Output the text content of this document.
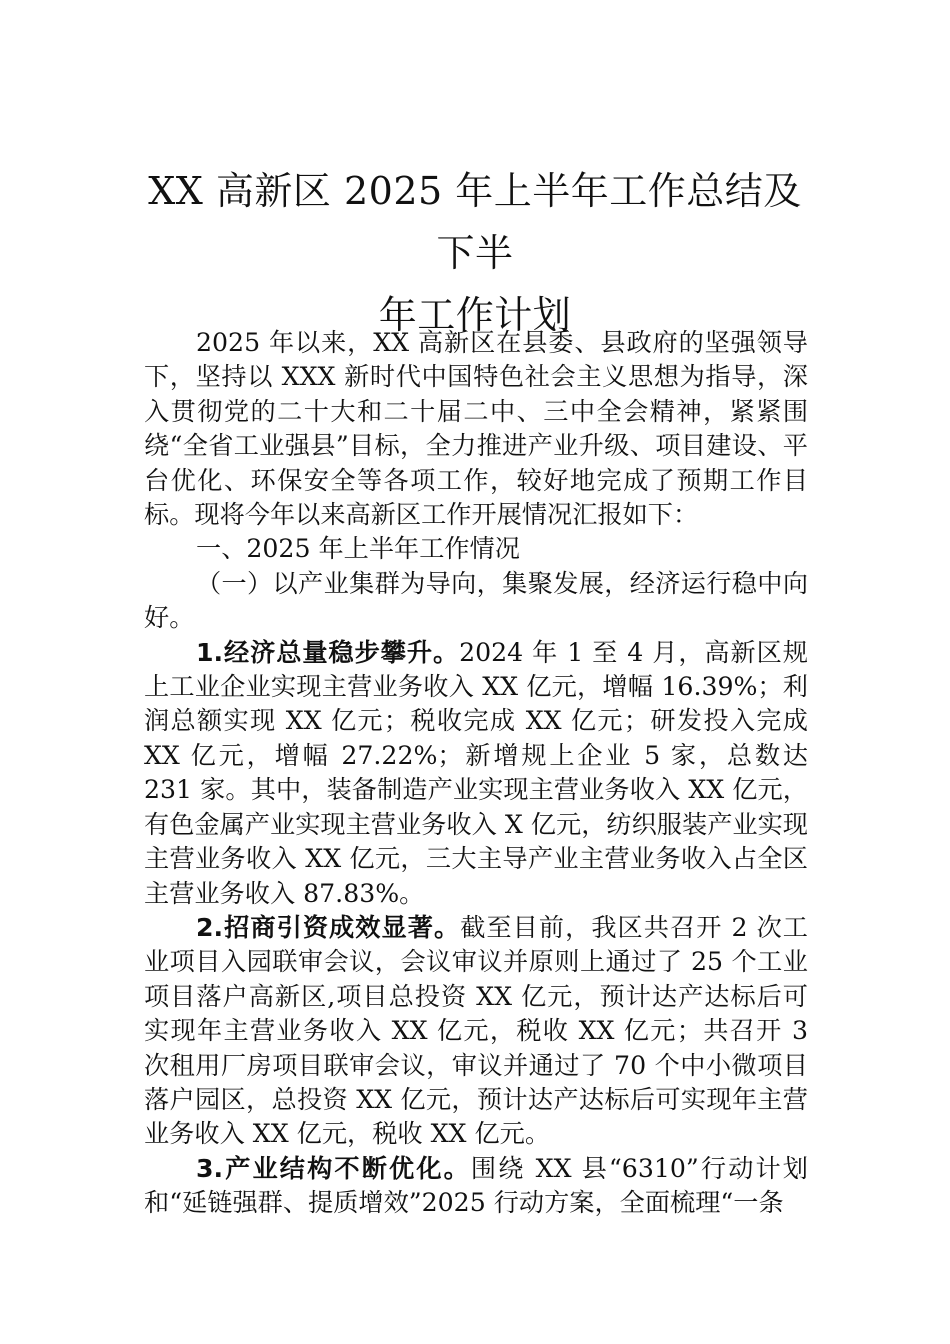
XX 高新区 2025 年上半年工作总结及下半
年工作计划

2025 年以来，XX 高新区在县委、县政府的坚强领导下，坚持以 XXX 新时代中国特色社会主义思想为指导，深入贯彻党的二十大和二十届二中、三中全会精神，紧紧围绕“全省工业强县”目标，全力推进产业升级、项目建设、平台优化、环保安全等各项工作，较好地完成了预期工作目标。现将今年以来高新区工作开展情况汇报如下：

一、2025 年上半年工作情况

（一）以产业集群为导向，集聚发展，经济运行稳中向好。

1.经济总量稳步攀升。2024 年 1 至 4 月，高新区规上工业企业实现主营业务收入 XX 亿元，增幅 16.39%；利润总额实现 XX 亿元；税收完成 XX 亿元；研发投入完成 XX 亿元，增幅 27.22%；新增规上企业 5 家，总数达 231 家。其中，装备制造产业实现主营业务收入 XX 亿元，有色金属产业实现主营业务收入 X 亿元，纺织服装产业实现主营业务收入 XX 亿元，三大主导产业主营业务收入占全区主营业务收入 87.83%。

2.招商引资成效显著。截至目前，我区共召开 2 次工业项目入园联审会议，会议审议并原则上通过了 25 个工业项目落户高新区,项目总投资 XX 亿元，预计达产达标后可实现年主营业务收入 XX 亿元，税收 XX 亿元；共召开 3 次租用厂房项目联审会议，审议并通过了 70 个中小微项目落户园区，总投资 XX 亿元，预计达产达标后可实现年主营业务收入 XX 亿元，税收 XX 亿元。

3.产业结构不断优化。围绕 XX 县“6310”行动计划和“延链强群、提质增效”2025 行动方案，全面梳理“一条
